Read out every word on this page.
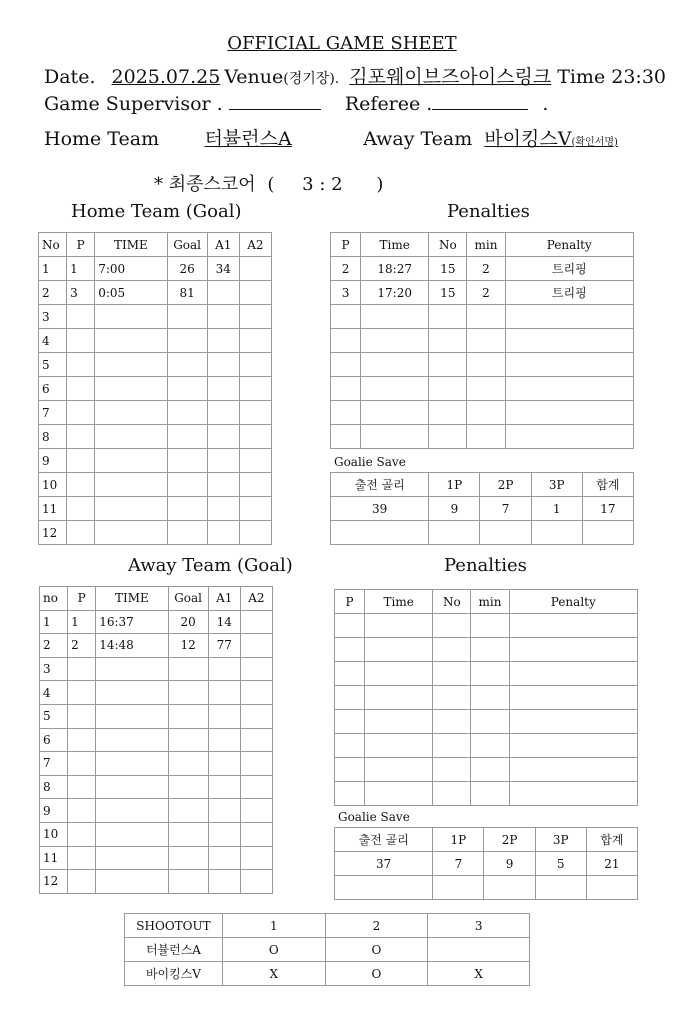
OFFICIAL GAME SHEET
Date. 2025.07.25 Venue(경기장). 김포웨이브즈아이스링크 Time 23:30
Game Supervisor .	Referee .	.
Home Team 터뷸런스A	Away Team 바이킹스V(확인서명)
* 최종스코어 ( 3 : 2 )
Home Team (Goal)	Penalties
Away Team (Goal)	Penalties
No	P	TIME	Goal	A1	A2
1	1	7:00	26	34	
2	3	0:05	81		
3					
4					
5					
6					
7					
8					
9					
10					
11					
12					
no	P	TIME	Goal	A1	A2
1	1	16:37	20	14	
2	2	14:48	12	77	
3					
4					
5					
6					
7					
8					
9					
10					
11					
12					
P	Time	No	min	Penalty
2	18:27	15	2	트리핑
3	17:20	15	2	트리핑

P	Time	No	min	Penalty

Goalie Save
출전 골리	1P	2P	3P	합계
39	9	7	1	17

Goalie Save
출전 골리	1P	2P	3P	합계
37	7	9	5	21

SHOOTOUT	1	2	3
터뷸런스A	O	O	
바이킹스V	X	O	X
